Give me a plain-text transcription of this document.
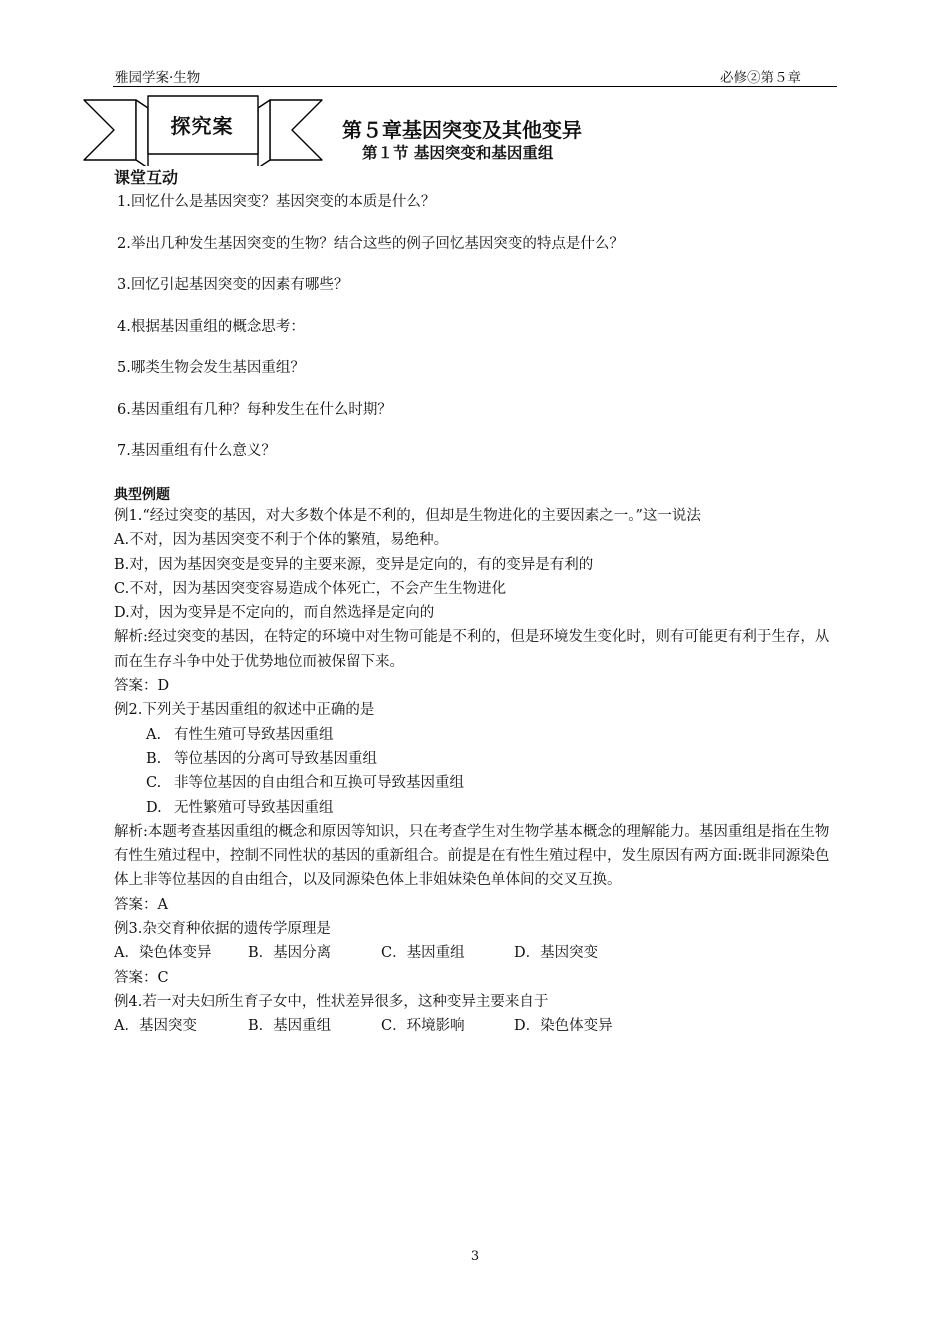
雅园学案·生物	必修②第５章
探究案	第５章基因突变及其他变异
第１节 基因突变和基因重组
课堂互动
1.回忆什么是基因突变？基因突变的本质是什么？
2.举出几种发生基因突变的生物？结合这些的例子回忆基因突变的特点是什么？
3.回忆引起基因突变的因素有哪些？
4.根据基因重组的概念思考：
5.哪类生物会发生基因重组？
6.基因重组有几种？每种发生在什么时期？
7.基因重组有什么意义？
典型例题

例1.“经过突变的基因，对大多数个体是不利的，但却是生物进化的主要因素之一。”这一说法

A.不对，因为基因突变不利于个体的繁殖，易绝种。

B.对，因为基因突变是变异的主要来源，变异是定向的，有的变异是有利的

C.不对，因为基因突变容易造成个体死亡，不会产生生物进化

D.对，因为变异是不定向的，而自然选择是定向的

解析:经过突变的基因，在特定的环境中对生物可能是不利的，但是环境发生变化时，则有可能更有利于生存，从而在生存斗争中处于优势地位而被保留下来。

答案：D

例2.下列关于基因重组的叙述中正确的是

A. 有性生殖可导致基因重组

B. 等位基因的分离可导致基因重组

C. 非等位基因的自由组合和互换可导致基因重组

D. 无性繁殖可导致基因重组

解析:本题考查基因重组的概念和原因等知识，只在考查学生对生物学基本概念的理解能力。基因重组是指在生物有性生殖过程中，控制不同性状的基因的重新组合。前提是在有性生殖过程中，发生原因有两方面:既非同源染色体上非等位基因的自由组合，以及同源染色体上非姐妹染色单体间的交叉互换。

答案：A

例3.杂交育种依据的遗传学原理是

A．染色体变异	B．基因分离	C．基因重组	D．基因突变

答案：C

例4.若一对夫妇所生育子女中，性状差异很多，这种变异主要来自于

A．基因突变	B．基因重组	C．环境影响	D．染色体变异

3
